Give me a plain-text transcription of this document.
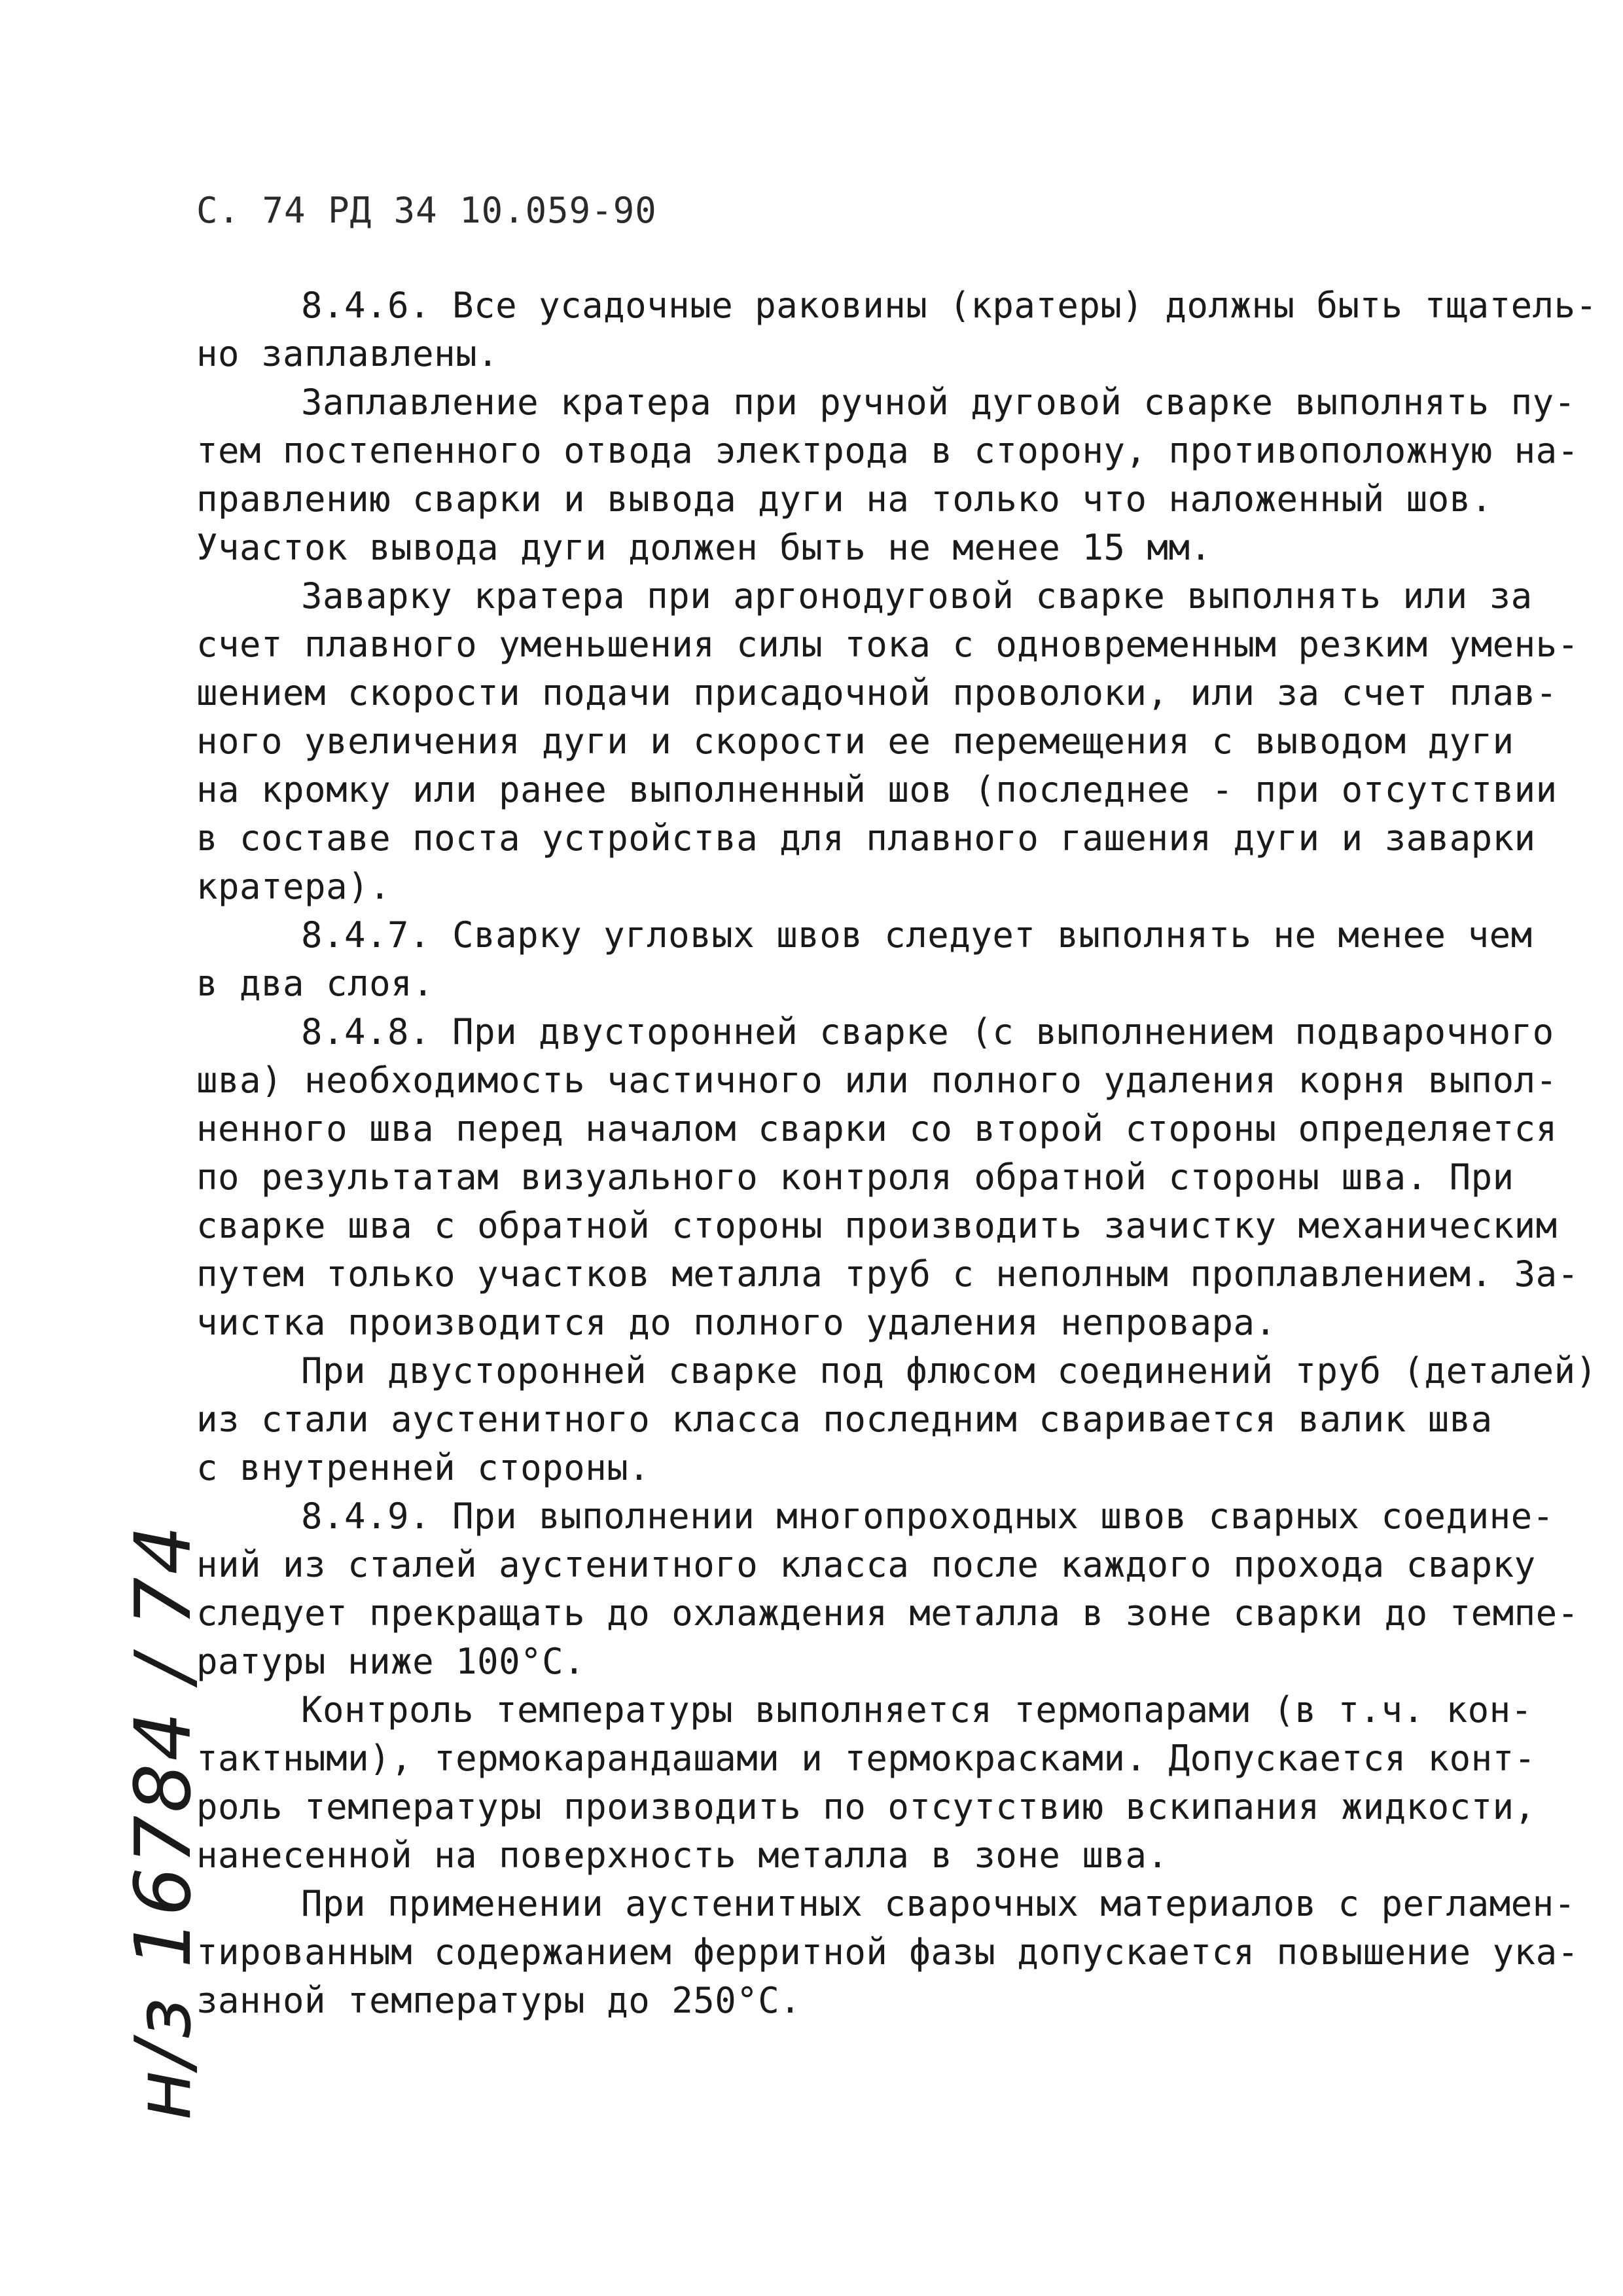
С. 74 РД 34 10.059-90
8.4.6. Все усадочные раковины (кратеры) должны быть тщатель-
но заплавлены.
Заплавление кратера при ручной дуговой сварке выполнять пу-
тем постепенного отвода электрода в сторону, противоположную на-
правлению сварки и вывода дуги на только что наложенный шов.
Участок вывода дуги должен быть не менее 15 мм.
Заварку кратера при аргонодуговой сварке выполнять или за
счет плавного уменьшения силы тока с одновременным резким умень-
шением скорости подачи присадочной проволоки, или за счет плав-
ного увеличения дуги и скорости ее перемещения с выводом дуги
на кромку или ранее выполненный шов (последнее - при отсутствии
в составе поста устройства для плавного гашения дуги и заварки
кратера).
8.4.7. Сварку угловых швов следует выполнять не менее чем
в два слоя.
8.4.8. При двусторонней сварке (с выполнением подварочного
шва) необходимость частичного или полного удаления корня выпол-
ненного шва перед началом сварки со второй стороны определяется
по результатам визуального контроля обратной стороны шва. При
сварке шва с обратной стороны производить зачистку механическим
путем только участков металла труб с неполным проплавлением. За-
чистка производится до полного удаления непровара.
При двусторонней сварке под флюсом соединений труб (деталей)
из стали аустенитного класса последним сваривается валик шва
с внутренней стороны.
8.4.9. При выполнении многопроходных швов сварных соедине-
ний из сталей аустенитного класса после каждого прохода сварку
следует прекращать до охлаждения металла в зоне сварки до темпе-
ратуры ниже 100°С.
Контроль температуры выполняется термопарами (в т.ч. кон-
тактными), термокарандашами и термокрасками. Допускается конт-
роль температуры производить по отсутствию вскипания жидкости,
нанесенной на поверхность металла в зоне шва.
При применении аустенитных сварочных материалов с регламен-
тированным содержанием ферритной фазы допускается повышение ука-
занной температуры до 250°С.
н/з 16784 / 74
